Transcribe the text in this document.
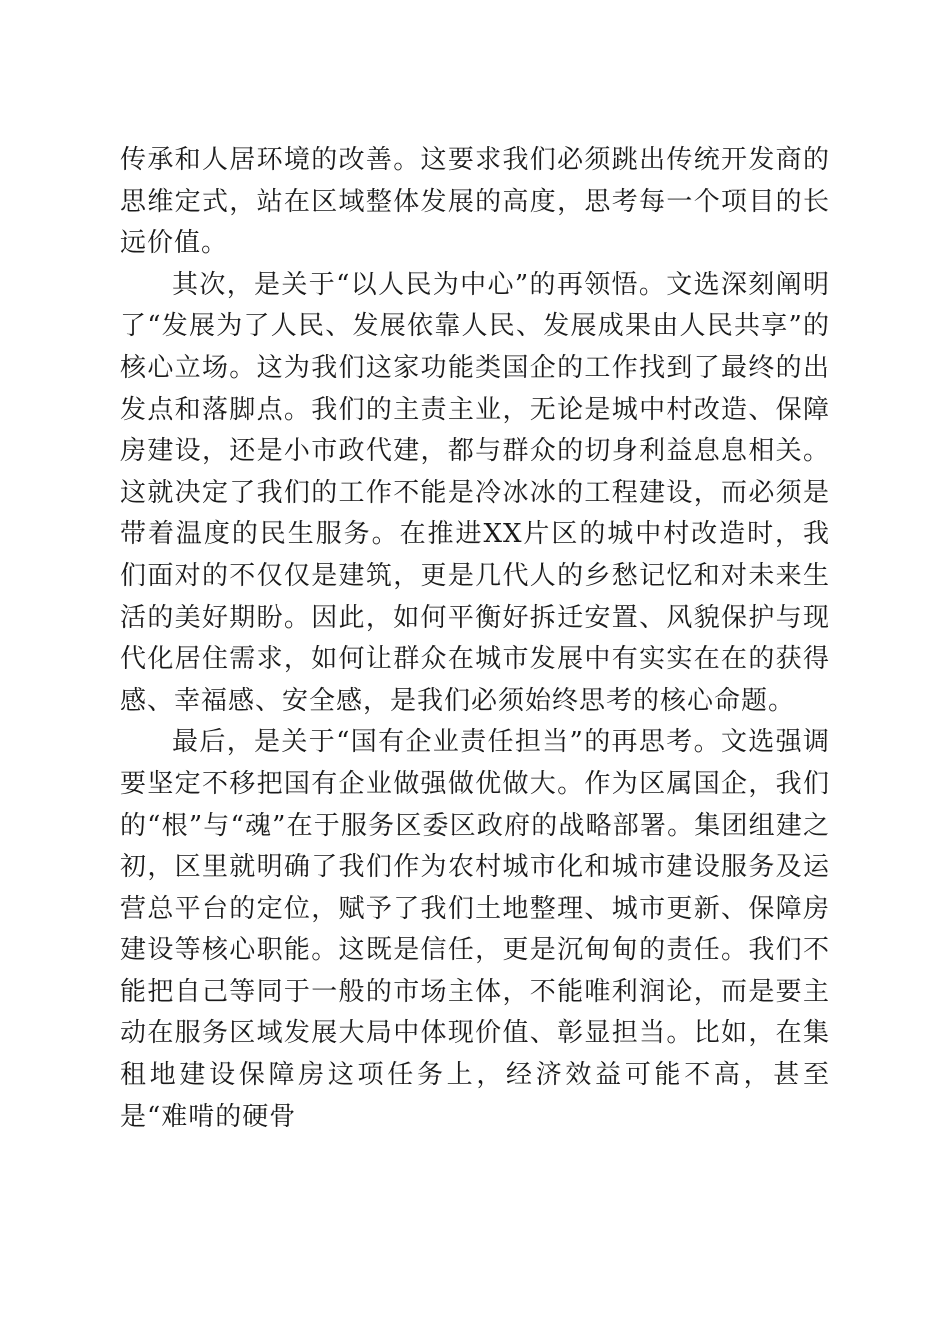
传承和人居环境的改善。这要求我们必须跳出传统开发商的思维定式，站在区域整体发展的高度，思考每一个项目的长远价值。

其次，是关于“以人民为中心”的再领悟。文选深刻阐明了“发展为了人民、发展依靠人民、发展成果由人民共享”的核心立场。这为我们这家功能类国企的工作找到了最终的出发点和落脚点。我们的主责主业，无论是城中村改造、保障房建设，还是小市政代建，都与群众的切身利益息息相关。这就决定了我们的工作不能是冷冰冰的工程建设，而必须是带着温度的民生服务。在推进XX片区的城中村改造时，我们面对的不仅仅是建筑，更是几代人的乡愁记忆和对未来生活的美好期盼。因此，如何平衡好拆迁安置、风貌保护与现代化居住需求，如何让群众在城市发展中有实实在在的获得感、幸福感、安全感，是我们必须始终思考的核心命题。

最后，是关于“国有企业责任担当”的再思考。文选强调要坚定不移把国有企业做强做优做大。作为区属国企，我们的“根”与“魂”在于服务区委区政府的战略部署。集团组建之初，区里就明确了我们作为农村城市化和城市建设服务及运营总平台的定位，赋予了我们土地整理、城市更新、保障房建设等核心职能。这既是信任，更是沉甸甸的责任。我们不能把自己等同于一般的市场主体，不能唯利润论，而是要主动在服务区域发展大局中体现价值、彰显担当。比如，在集租地建设保障房这项任务上，经济效益可能不高，甚至是“难啃的硬骨
